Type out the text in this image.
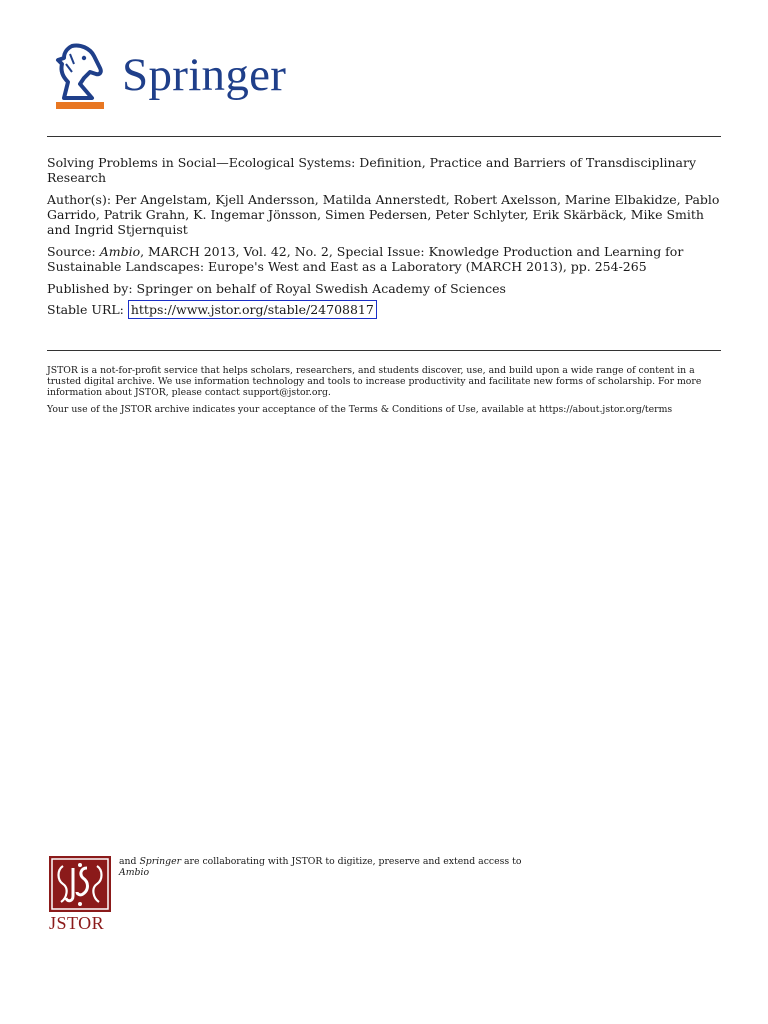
Springer

Solving Problems in Social—Ecological Systems: Definition, Practice and Barriers of Transdisciplinary Research

Author(s): Per Angelstam, Kjell Andersson, Matilda Annerstedt, Robert Axelsson, Marine Elbakidze, Pablo Garrido, Patrik Grahn, K. Ingemar Jönsson, Simen Pedersen, Peter Schlyter, Erik Skärbäck, Mike Smith and Ingrid Stjernquist

Source: Ambio, MARCH 2013, Vol. 42, No. 2, Special Issue: Knowledge Production and Learning for Sustainable Landscapes: Europe's West and East as a Laboratory (MARCH 2013), pp. 254-265

Published by: Springer on behalf of Royal Swedish Academy of Sciences

Stable URL: https://www.jstor.org/stable/24708817

JSTOR is a not-for-profit service that helps scholars, researchers, and students discover, use, and build upon a wide range of content in a trusted digital archive. We use information technology and tools to increase productivity and facilitate new forms of scholarship. For more information about JSTOR, please contact support@jstor.org.

Your use of the JSTOR archive indicates your acceptance of the Terms & Conditions of Use, available at https://about.jstor.org/terms

JSTOR
and Springer are collaborating with JSTOR to digitize, preserve and extend access to
Ambio
